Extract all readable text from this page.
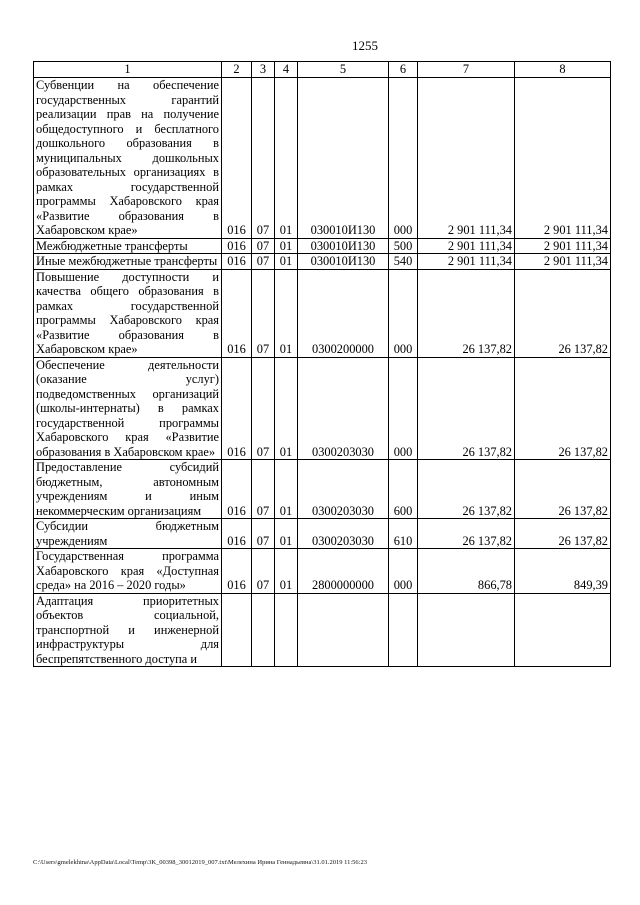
1255
1	2	3	4	5	6	7	8
Субвенции на обеспечение государственных гарантий реализации прав на получение общедоступного и бесплатного дошкольного образования в муниципальных дошкольных образовательных организациях в рамках государственной программы Хабаровского края «Развитие образования в Хабаровском крае»	016	07	01	030010И130	000	2 901 111,34	2 901 111,34
Межбюджетные трансферты	016	07	01	030010И130	500	2 901 111,34	2 901 111,34
Иные межбюджетные трансферты	016	07	01	030010И130	540	2 901 111,34	2 901 111,34
Повышение доступности и качества общего образования в рамках государственной программы Хабаровского края «Развитие образования в Хабаровском крае»	016	07	01	0300200000	000	26 137,82	26 137,82
Обеспечение деятельности (оказание услуг) подведомственных организаций (школы-интернаты) в рамках государственной программы Хабаровского края «Развитие образования в Хабаровском крае»	016	07	01	0300203030	000	26 137,82	26 137,82
Предоставление субсидий бюджетным, автономным учреждениям и иным некоммерческим организациям	016	07	01	0300203030	600	26 137,82	26 137,82
Субсидии бюджетным учреждениям	016	07	01	0300203030	610	26 137,82	26 137,82
Государственная программа Хабаровского края «Доступная среда» на 2016 – 2020 годы»	016	07	01	2800000000	000	866,78	849,39
Адаптация приоритетных объектов социальной, транспортной и инженерной инфраструктуры для беспрепятственного доступа и							
C:\Users\gmelekhina\AppData\Local\Temp\3K_00398_30012019_007.txt\Мелехина Ирина Геннадьевна\31.01.2019 11:56:23
